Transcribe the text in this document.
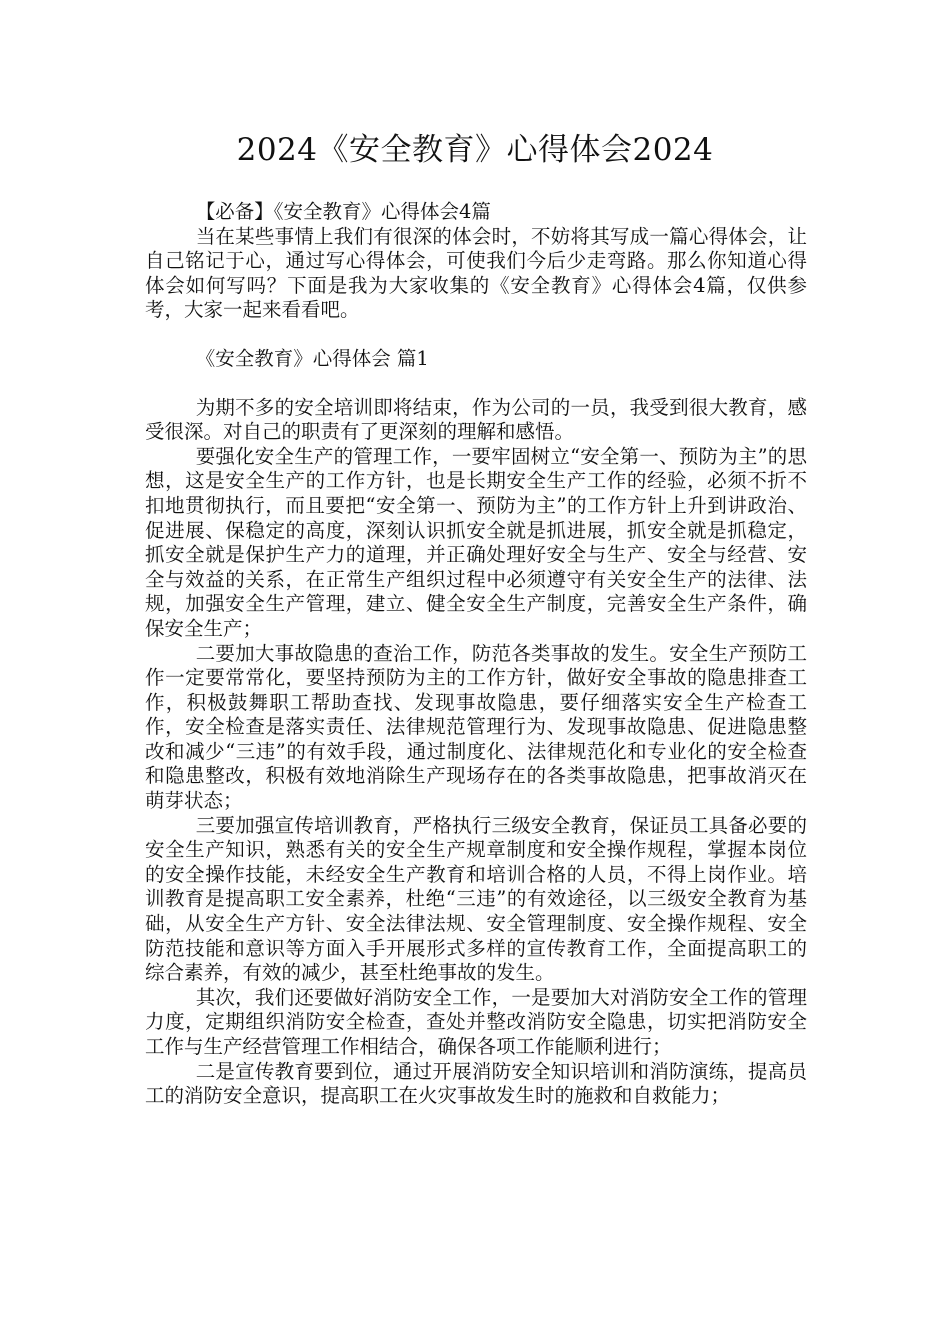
2024《安全教育》心得体会2024

【必备】《安全教育》心得体会4篇

当在某些事情上我们有很深的体会时，不妨将其写成一篇心得体会，让自己铭记于心，通过写心得体会，可使我们今后少走弯路。那么你知道心得体会如何写吗？下面是我为大家收集的《安全教育》心得体会4篇，仅供参考，大家一起来看看吧。

《安全教育》心得体会 篇1

为期不多的安全培训即将结束，作为公司的一员，我受到很大教育，感受很深。对自己的职责有了更深刻的理解和感悟。

要强化安全生产的管理工作，一要牢固树立“安全第一、预防为主”的思想，这是安全生产的工作方针，也是长期安全生产工作的经验，必须不折不扣地贯彻执行，而且要把“安全第一、预防为主”的工作方针上升到讲政治、促进展、保稳定的高度，深刻认识抓安全就是抓进展，抓安全就是抓稳定，抓安全就是保护生产力的道理，并正确处理好安全与生产、安全与经营、安全与效益的关系，在正常生产组织过程中必须遵守有关安全生产的法律、法规，加强安全生产管理，建立、健全安全生产制度，完善安全生产条件，确保安全生产；

二要加大事故隐患的查治工作，防范各类事故的发生。安全生产预防工作一定要常常化，要坚持预防为主的工作方针，做好安全事故的隐患排查工作，积极鼓舞职工帮助查找、发现事故隐患，要仔细落实安全生产检查工作，安全检查是落实责任、法律规范管理行为、发现事故隐患、促进隐患整改和减少“三违”的有效手段，通过制度化、法律规范化和专业化的安全检查和隐患整改，积极有效地消除生产现场存在的各类事故隐患，把事故消灭在萌芽状态；

三要加强宣传培训教育，严格执行三级安全教育，保证员工具备必要的安全生产知识，熟悉有关的安全生产规章制度和安全操作规程，掌握本岗位的安全操作技能，未经安全生产教育和培训合格的人员，不得上岗作业。培训教育是提高职工安全素养，杜绝“三违”的有效途径，以三级安全教育为基础，从安全生产方针、安全法律法规、安全管理制度、安全操作规程、安全防范技能和意识等方面入手开展形式多样的宣传教育工作，全面提高职工的综合素养，有效的减少，甚至杜绝事故的发生。

其次，我们还要做好消防安全工作，一是要加大对消防安全工作的管理力度，定期组织消防安全检查，查处并整改消防安全隐患，切实把消防安全工作与生产经营管理工作相结合，确保各项工作能顺利进行；

二是宣传教育要到位，通过开展消防安全知识培训和消防演练，提高员工的消防安全意识，提高职工在火灾事故发生时的施救和自救能力；
